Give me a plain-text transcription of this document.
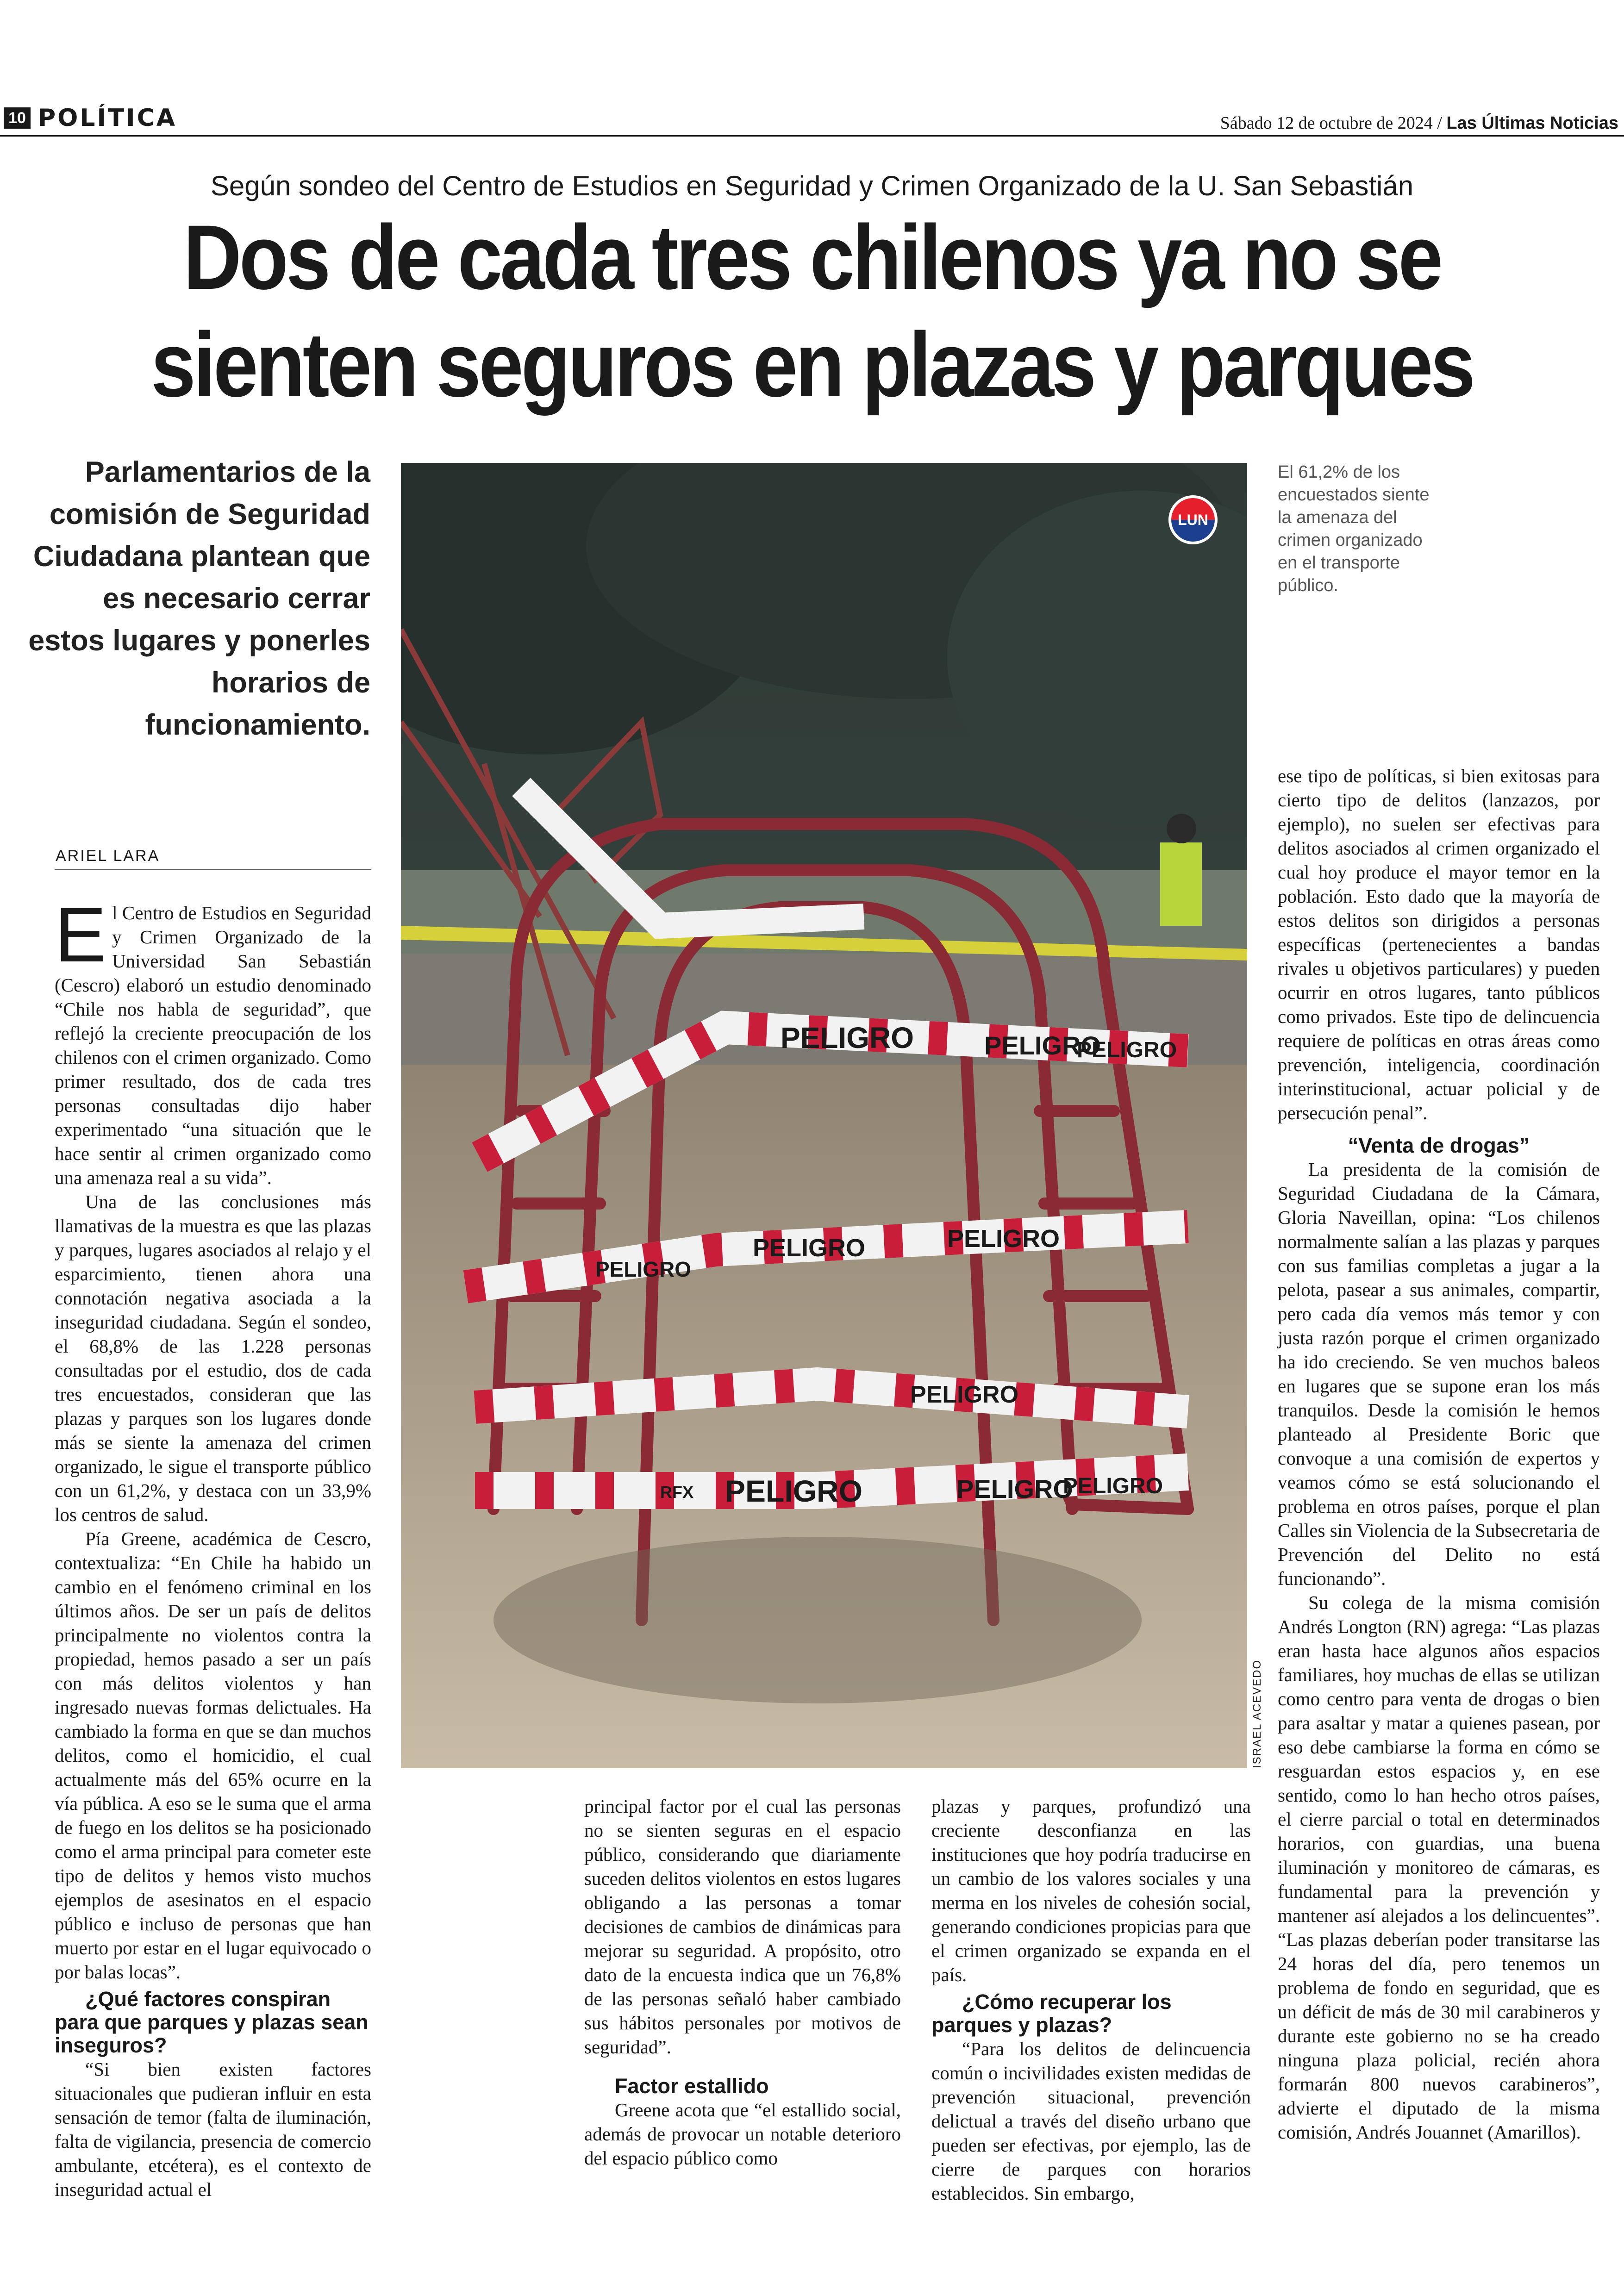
10 POLÍTICA	Sábado 12 de octubre de 2024 / Las Últimas Noticias
Según sondeo del Centro de Estudios en Seguridad y Crimen Organizado de la U. San Sebastián
Dos de cada tres chilenos ya no se sienten seguros en plazas y parques
Parlamentarios de la comisión de Seguridad Ciudadana plantean que es necesario cerrar estos lugares y ponerles horarios de funcionamiento.
ARIEL LARA
E l Centro de Estudios en Seguridad y Crimen Organizado de la Universidad San Sebastián (Cescro) elaboró un estudio denominado “Chile nos habla de seguridad”, que reflejó la creciente preocupación de los chilenos con el crimen organizado. Como primer resultado, dos de cada tres personas consultadas dijo haber experimentado “una situación que le hace sentir al crimen organizado como una amenaza real a su vida”.

Una de las conclusiones más llamativas de la muestra es que las plazas y parques, lugares asociados al relajo y el esparcimiento, tienen ahora una connotación negativa asociada a la inseguridad ciudadana. Según el sondeo, el 68,8% de las 1.228 personas consultadas por el estudio, dos de cada tres encuestados, consideran que las plazas y parques son los lugares donde más se siente la amenaza del crimen organizado, le sigue el transporte público con un 61,2%, y destaca con un 33,9% los centros de salud.

Pía Greene, académica de Cescro, contextualiza: “En Chile ha habido un cambio en el fenómeno criminal en los últimos años. De ser un país de delitos principalmente no violentos contra la propiedad, hemos pasado a ser un país con más delitos violentos y han ingresado nuevas formas delictuales. Ha cambiado la forma en que se dan muchos delitos, como el homicidio, el cual actualmente más del 65% ocurre en la vía pública. A eso se le suma que el arma de fuego en los delitos se ha posicionado como el arma principal para cometer este tipo de delitos y hemos visto muchos ejemplos de asesinatos en el espacio público e incluso de personas que han muerto por estar en el lugar equivocado o por balas locas”.

¿Qué factores conspiran para que parques y plazas sean inseguros?

“Si bien existen factores situacionales que pudieran influir en esta sensación de temor (falta de iluminación, falta de vigilancia, presencia de comercio ambulante, etcétera), es el contexto de inseguridad actual el

PELIGRO	PELIGRO
PELIGRO
PELIGRO	PELIGRO
PELIGRO
PELIGRO
PELIGRO	PELIGRO
PELIGRO
RFX
LUN
ISRAEL ACEVEDO
El 61,2% de los encuestados siente la amenaza del crimen organizado en el transporte público.

principal factor por el cual las personas no se sienten seguras en el espacio público, considerando que diariamente suceden delitos violentos en estos lugares obligando a las personas a tomar decisiones de cambios de dinámicas para mejorar su seguridad. A propósito, otro dato de la encuesta indica que un 76,8% de las personas señaló haber cambiado sus hábitos personales por motivos de seguridad”.

Factor estallido

Greene acota que “el estallido social, además de provocar un notable deterioro del espacio público como

plazas y parques, profundizó una creciente desconfianza en las instituciones que hoy podría traducirse en un cambio de los valores sociales y una merma en los niveles de cohesión social, generando condiciones propicias para que el crimen organizado se expanda en el país.

¿Cómo recuperar los parques y plazas?

“Para los delitos de delincuencia común o incivilidades existen medidas de prevención situacional, prevención delictual a través del diseño urbano que pueden ser efectivas, por ejemplo, las de cierre de parques con horarios establecidos. Sin embargo,

ese tipo de políticas, si bien exitosas para cierto tipo de delitos (lanzazos, por ejemplo), no suelen ser efectivas para delitos asociados al crimen organizado el cual hoy produce el mayor temor en la población. Esto dado que la mayoría de estos delitos son dirigidos a personas específicas (pertenecientes a bandas rivales u objetivos particulares) y pueden ocurrir en otros lugares, tanto públicos como privados. Este tipo de delincuencia requiere de políticas en otras áreas como prevención, inteligencia, coordinación interinstitucional, actuar policial y de persecución penal”.

“Venta de drogas”

La presidenta de la comisión de Seguridad Ciudadana de la Cámara, Gloria Naveillan, opina: “Los chilenos normalmente salían a las plazas y parques con sus familias completas a jugar a la pelota, pasear a sus animales, compartir, pero cada día vemos más temor y con justa razón porque el crimen organizado ha ido creciendo. Se ven muchos baleos en lugares que se supone eran los más tranquilos. Desde la comisión le hemos planteado al Presidente Boric que convoque a una comisión de expertos y veamos cómo se está solucionando el problema en otros países, porque el plan Calles sin Violencia de la Subsecretaria de Prevención del Delito no está funcionando”.

Su colega de la misma comisión Andrés Longton (RN) agrega: “Las plazas eran hasta hace algunos años espacios familiares, hoy muchas de ellas se utilizan como centro para venta de drogas o bien para asaltar y matar a quienes pasean, por eso debe cambiarse la forma en cómo se resguardan estos espacios y, en ese sentido, como lo han hecho otros países, el cierre parcial o total en determinados horarios, con guardias, una buena iluminación y monitoreo de cámaras, es fundamental para la prevención y mantener así alejados a los delincuentes”. “Las plazas deberían poder transitarse las 24 horas del día, pero tenemos un problema de fondo en seguridad, que es un déficit de más de 30 mil carabineros y durante este gobierno no se ha creado ninguna plaza policial, recién ahora formarán 800 nuevos carabineros”, advierte el diputado de la misma comisión, Andrés Jouannet (Amarillos).
